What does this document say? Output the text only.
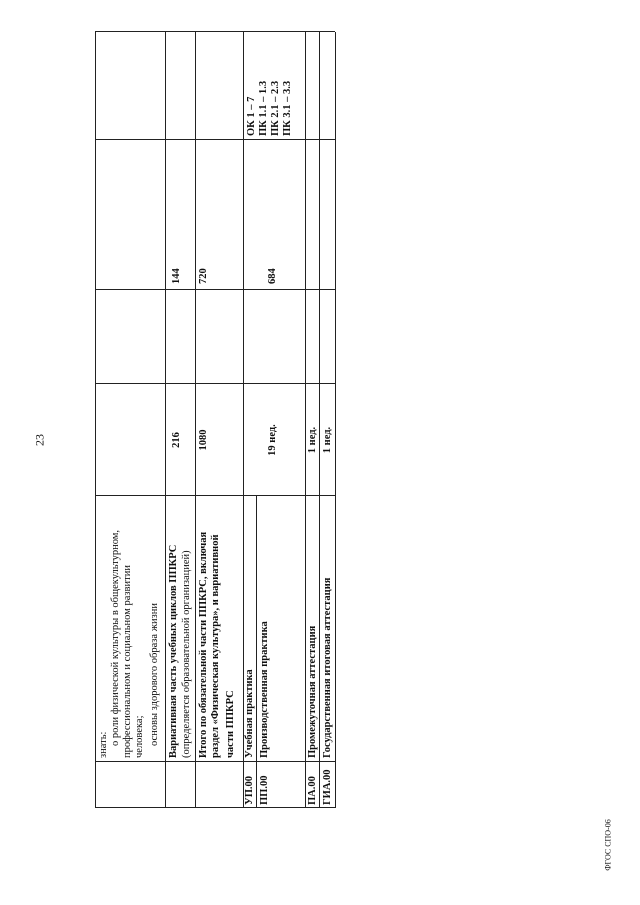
23
ФГОС СПО-06
знать: о роли физической культуры в общекультурном, профессиональном и социальном развитии человека; основы здорового образа жизни Вариативная часть учебных циклов ППКРС (определяется образовательной организацией)
216
144
Итого по обязательной части ППКРС, включая раздел «Физическая культура», и вариативной части ППКРС
1080
720
УП.00
Учебная практика
ПП.00
Производственная практика
19 нед.
684
ОК 1 – 7 ПК 1.1 – 1.3 ПК 2.1 – 2.3 ПК 3.1 – 3.3
ПА.00
Промежуточная аттестация
1 нед.
ГИА.00
Государственная итоговая аттестация
1 нед.
